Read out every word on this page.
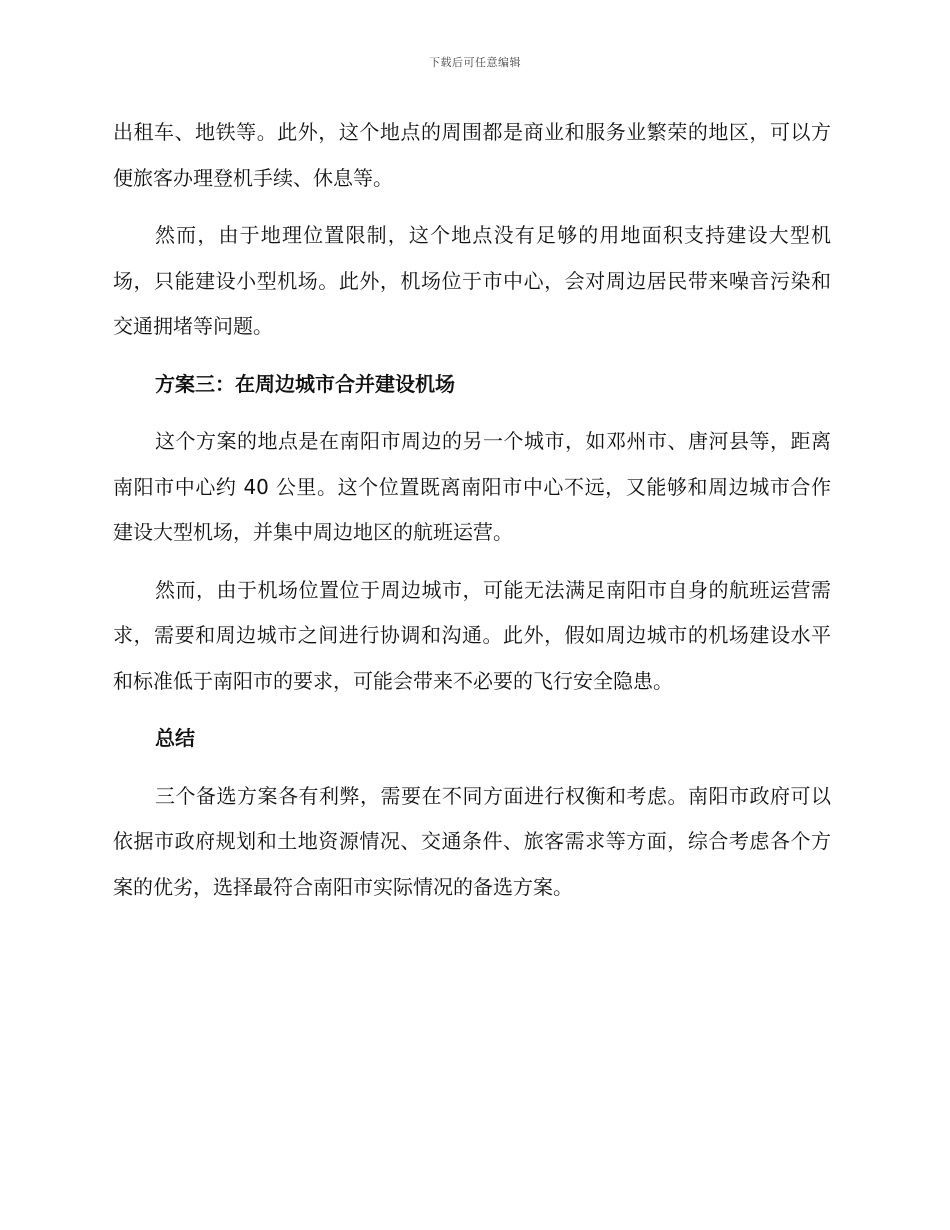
下载后可任意编辑

出租车、地铁等。此外，这个地点的周围都是商业和服务业繁荣的地区，可以方便旅客办理登机手续、休息等。

然而，由于地理位置限制，这个地点没有足够的用地面积支持建设大型机场，只能建设小型机场。此外，机场位于市中心，会对周边居民带来噪音污染和交通拥堵等问题。

方案三：在周边城市合并建设机场

这个方案的地点是在南阳市周边的另一个城市，如邓州市、唐河县等，距离南阳市中心约 40 公里。这个位置既离南阳市中心不远，又能够和周边城市合作建设大型机场，并集中周边地区的航班运营。

然而，由于机场位置位于周边城市，可能无法满足南阳市自身的航班运营需求，需要和周边城市之间进行协调和沟通。此外，假如周边城市的机场建设水平和标准低于南阳市的要求，可能会带来不必要的飞行安全隐患。

总结

三个备选方案各有利弊，需要在不同方面进行权衡和考虑。南阳市政府可以依据市政府规划和土地资源情况、交通条件、旅客需求等方面，综合考虑各个方案的优劣，选择最符合南阳市实际情况的备选方案。
